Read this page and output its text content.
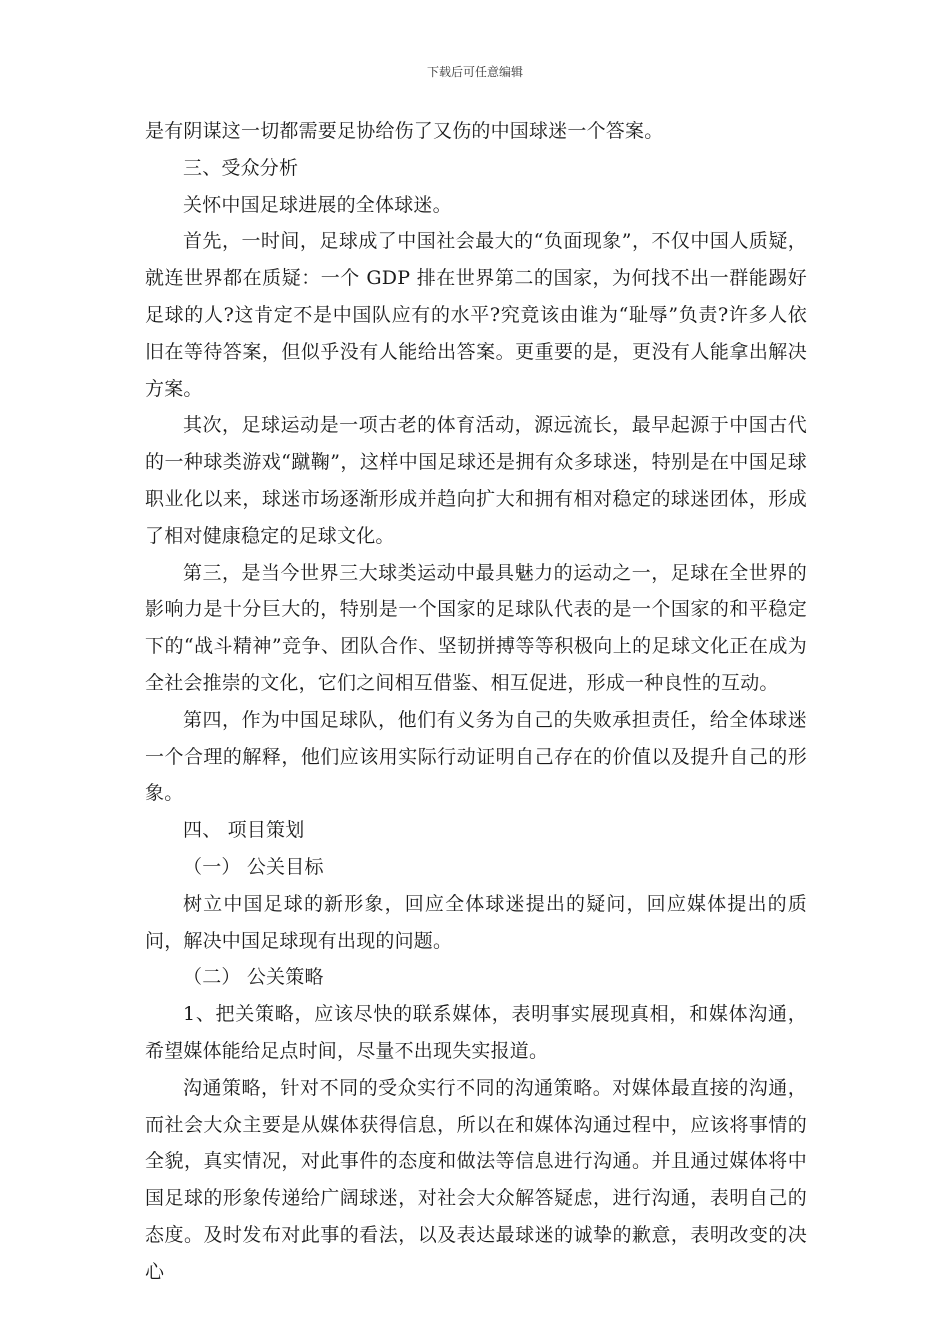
下载后可任意编辑

是有阴谋这一切都需要足协给伤了又伤的中国球迷一个答案。

三、受众分析

关怀中国足球进展的全体球迷。

首先，一时间，足球成了中国社会最大的“负面现象”，不仅中国人质疑，就连世界都在质疑：一个 GDP 排在世界第二的国家，为何找不出一群能踢好足球的人?这肯定不是中国队应有的水平?究竟该由谁为“耻辱”负责?许多人依旧在等待答案，但似乎没有人能给出答案。更重要的是，更没有人能拿出解决方案。

其次，足球运动是一项古老的体育活动，源远流长，最早起源于中国古代的一种球类游戏“蹴鞠”，这样中国足球还是拥有众多球迷，特别是在中国足球职业化以来，球迷市场逐渐形成并趋向扩大和拥有相对稳定的球迷团体，形成了相对健康稳定的足球文化。

第三，是当今世界三大球类运动中最具魅力的运动之一，足球在全世界的影响力是十分巨大的，特别是一个国家的足球队代表的是一个国家的和平稳定下的“战斗精神”竞争、团队合作、坚韧拼搏等等积极向上的足球文化正在成为全社会推崇的文化，它们之间相互借鉴、相互促进，形成一种良性的互动。

第四，作为中国足球队，他们有义务为自己的失败承担责任，给全体球迷一个合理的解释，他们应该用实际行动证明自己存在的价值以及提升自己的形象。

四、 项目策划

（一） 公关目标

树立中国足球的新形象，回应全体球迷提出的疑问，回应媒体提出的质问，解决中国足球现有出现的问题。

（二） 公关策略

1、把关策略，应该尽快的联系媒体，表明事实展现真相，和媒体沟通， 希望媒体能给足点时间，尽量不出现失实报道。

沟通策略，针对不同的受众实行不同的沟通策略。对媒体最直接的沟通，而社会大众主要是从媒体获得信息，所以在和媒体沟通过程中，应该将事情的全貌，真实情况，对此事件的态度和做法等信息进行沟通。并且通过媒体将中国足球的形象传递给广阔球迷，对社会大众解答疑虑，进行沟通，表明自己的态度。及时发布对此事的看法，以及表达最球迷的诚挚的歉意，表明改变的决心
